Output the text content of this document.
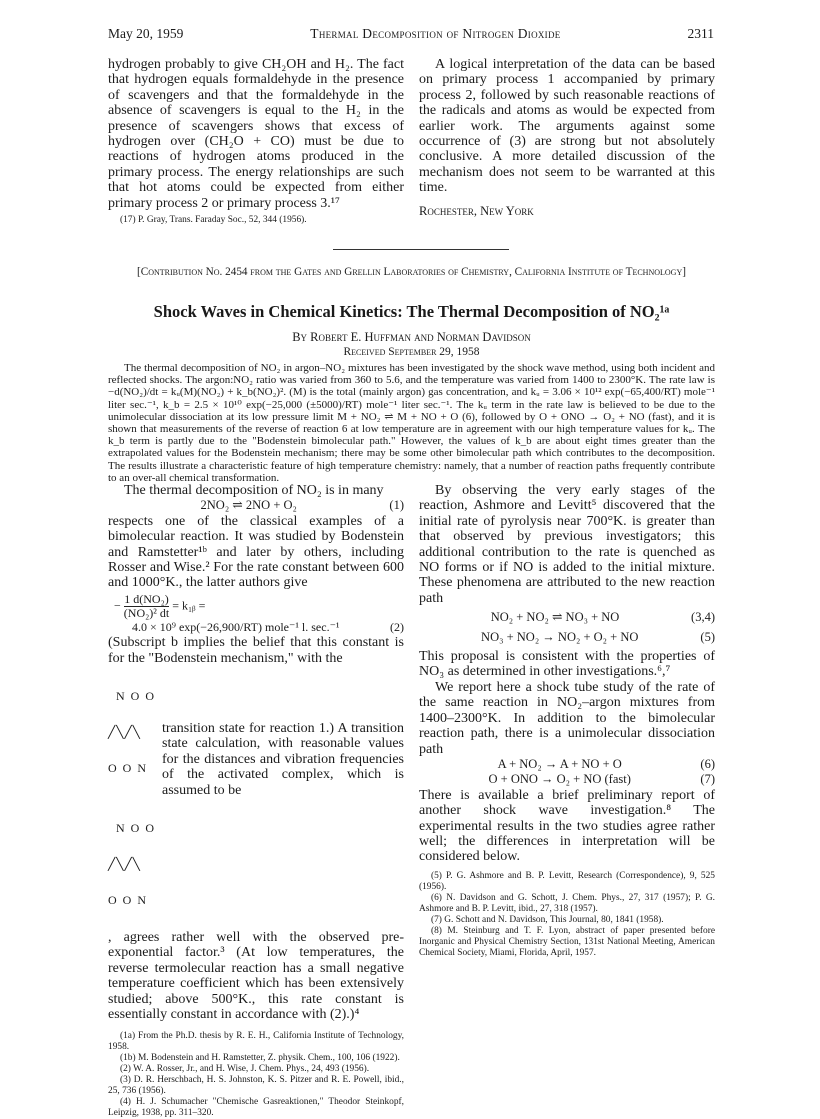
May 20, 1959	Thermal Decomposition of Nitrogen Dioxide	2311

hydrogen probably to give CH₂OH and H₂. The fact that hydrogen equals formaldehyde in the presence of scavengers and that the formaldehyde in the absence of scavengers is equal to the H₂ in the presence of scavengers shows that excess of hydrogen over (CH₂O + CO) must be due to reactions of hydrogen atoms produced in the primary process. The energy relationships are such that hot atoms could be expected from either primary process 2 or primary process 3.¹⁷

(17) P. Gray, Trans. Faraday Soc., 52, 344 (1956).

A logical interpretation of the data can be based on primary process 1 accompanied by primary process 2, followed by such reasonable reactions of the radicals and atoms as would be expected from earlier work. The arguments against some occurrence of (3) are strong but not absolutely conclusive. A more detailed discussion of the mechanism does not seem to be warranted at this time.

Rochester, New York

[Contribution No. 2454 from the Gates and Grellin Laboratories of Chemistry, California Institute of Technology]
Shock Waves in Chemical Kinetics: The Thermal Decomposition of NO₂¹ᵃ
By Robert E. Huffman and Norman Davidson
Received September 29, 1958

The thermal decomposition of NO₂ in argon–NO₂ mixtures has been investigated by the shock wave method, using both incident and reflected shocks. The argon:NO₂ ratio was varied from 360 to 5.6, and the temperature was varied from 1400 to 2300°K. The rate law is −d(NO₂)/dt = kᵤ(M)(NO₂) + k_b(NO₂)². (M) is the total (mainly argon) gas concentration, and kᵤ = 3.06 × 10¹² exp(−65,400/RT) mole⁻¹ liter sec.⁻¹, k_b = 2.5 × 10¹⁰ exp(−25,000 (±5000)/RT) mole⁻¹ liter sec.⁻¹. The kᵤ term in the rate law is believed to be due to the unimolecular dissociation at its low pressure limit M + NO₂ ⇌ M + NO + O (6), followed by O + ONO → O₂ + NO (fast), and it is shown that measurements of the reverse of reaction 6 at low temperature are in agreement with our high temperature values for kᵤ. The k_b term is partly due to the "Bodenstein bimolecular path." However, the values of k_b are about eight times greater than the extrapolated values for the Bodenstein mechanism; there may be some other bimolecular path which contributes to the decomposition. The results illustrate a characteristic feature of high temperature chemistry: namely, that a number of reaction paths frequently contribute to an over-all chemical transformation.

The thermal decomposition of NO₂ is in many

2NO₂ ⇌ 2NO + O₂	(1)

respects one of the classical examples of a bimolecular reaction. It was studied by Bodenstein and Ramstetter¹ᵇ and later by others, including Rosser and Wise.² For the rate constant between 600 and 1000°K., the latter authors give

− $\frac{\text{1 d(NO₂)}}{\text{(NO₂)² dt}}$ = k₁ᵦ =
4.0 × 10⁹ exp(−26,900/RT) mole⁻¹ l. sec.⁻¹	(2)

(Subscript b implies the belief that this constant is for the "Bodenstein mechanism," with the

N  O  O

╱╲╱╲

O  O  N

transition state for reaction 1.) A transition state calculation, with reasonable values for the distances and vibration frequencies of the activated complex, which is assumed to be

N  O  O

╱╲╱╲

O  O  N

, agrees rather well with the observed pre-exponential factor.³ (At low temperatures, the reverse termolecular reaction has a small negative temperature coefficient which has been extensively studied; above 500°K., this rate constant is essentially constant in accordance with (2).)⁴

(1a) From the Ph.D. thesis by R. E. H., California Institute of Technology, 1958.

(1b) M. Bodenstein and H. Ramstetter, Z. physik. Chem., 100, 106 (1922).

(2) W. A. Rosser, Jr., and H. Wise, J. Chem. Phys., 24, 493 (1956).

(3) D. R. Herschbach, H. S. Johnston, K. S. Pitzer and R. E. Powell, ibid., 25, 736 (1956).

(4) H. J. Schumacher "Chemische Gasreaktionen," Theodor Steinkopf, Leipzig, 1938, pp. 311–320.

By observing the very early stages of the reaction, Ashmore and Levitt⁵ discovered that the initial rate of pyrolysis near 700°K. is greater than that observed by previous investigators; this additional contribution to the rate is quenched as NO forms or if NO is added to the initial mixture. These phenomena are attributed to the new reaction path

NO₂ + NO₂ ⇌ NO₃ + NO	(3,4)
NO₃ + NO₂ → NO₂ + O₂ + NO	(5)

This proposal is consistent with the properties of NO₃ as determined in other investigations.⁶,⁷

We report here a shock tube study of the rate of the same reaction in NO₂–argon mixtures from 1400–2300°K. In addition to the bimolecular reaction path, there is a unimolecular dissociation path

A + NO₂ → A + NO + O	(6)
O + ONO → O₂ + NO (fast)	(7)

There is available a brief preliminary report of another shock wave investigation.⁸ The experimental results in the two studies agree rather well; the differences in interpretation will be considered below.

(5) P. G. Ashmore and B. P. Levitt, Research (Correspondence), 9, 525 (1956).

(6) N. Davidson and G. Schott, J. Chem. Phys., 27, 317 (1957); P. G. Ashmore and B. P. Levitt, ibid., 27, 318 (1957).

(7) G. Schott and N. Davidson, This Journal, 80, 1841 (1958).

(8) M. Steinburg and T. F. Lyon, abstract of paper presented before Inorganic and Physical Chemistry Section, 131st National Meeting, American Chemical Society, Miami, Florida, April, 1957.
